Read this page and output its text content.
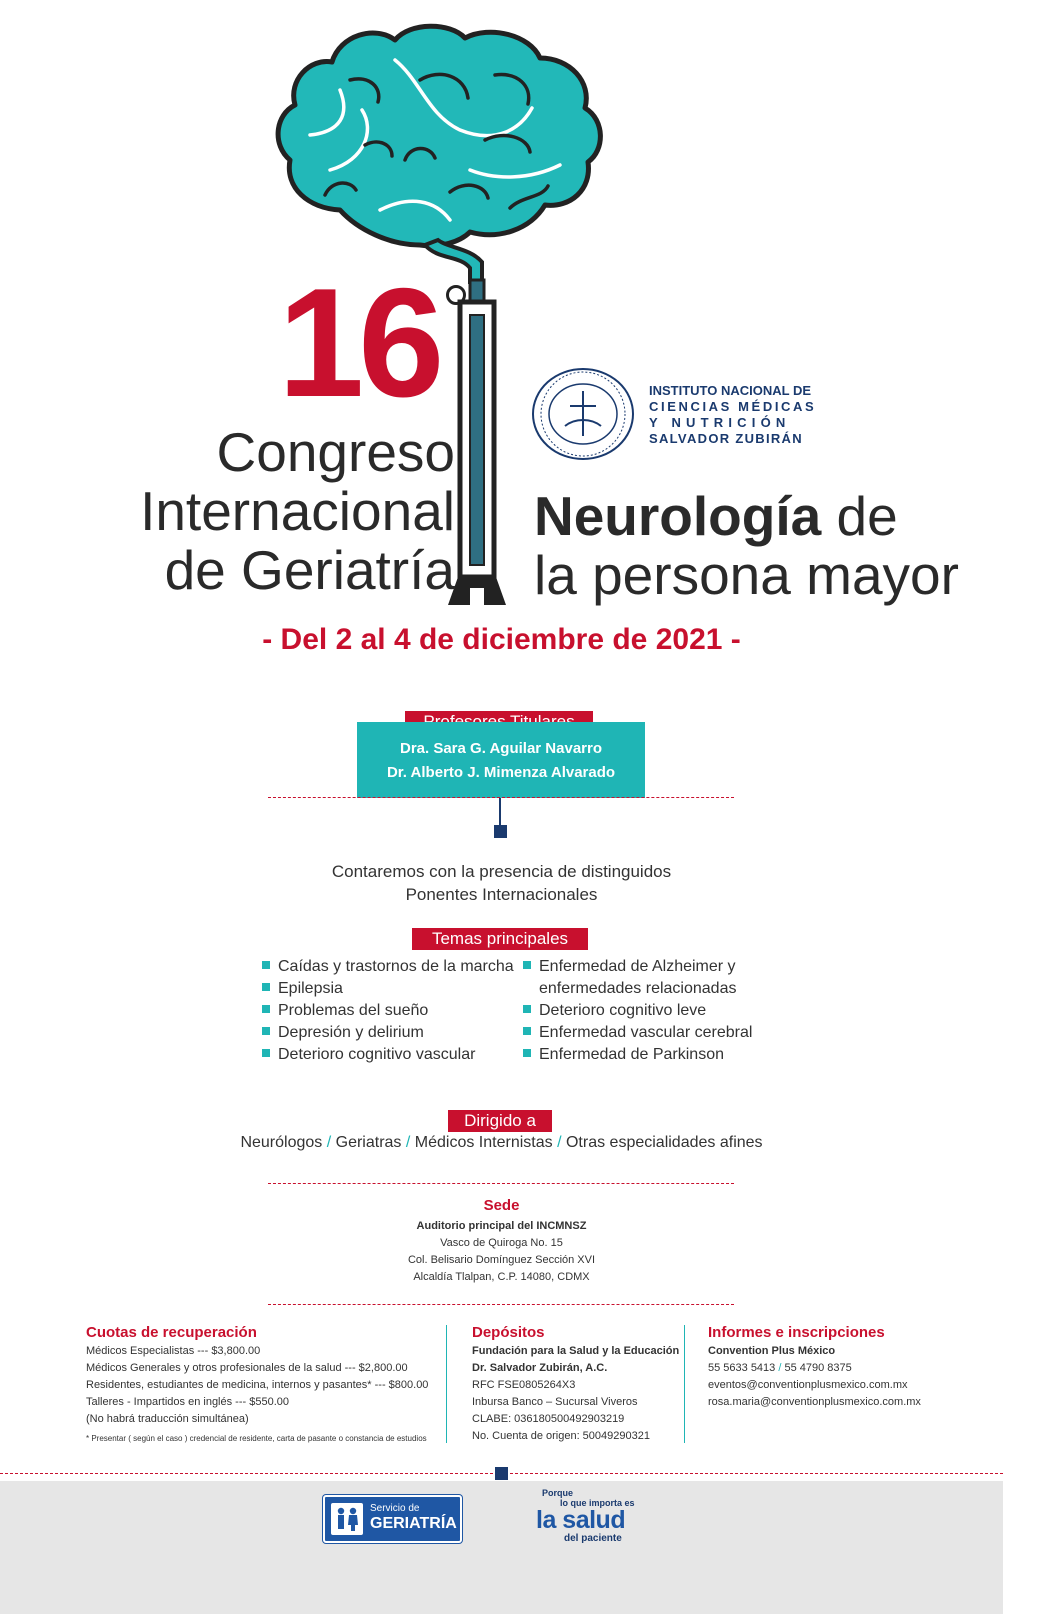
16
Congreso
Internacional
de Geriatría
Neurología de
la persona mayor
INSTITUTO NACIONAL DE
CIENCIAS MÉDICAS
Y NUTRICIÓN
SALVADOR ZUBIRÁN
- Del 2 al 4 de diciembre de 2021 -
Dra. Sara G. Aguilar Navarro
Dr. Alberto J. Mimenza Alvarado
Contaremos con la presencia de distinguidos
Ponentes Internacionales
Temas principales
Caídas y trastornos de la marcha
Epilepsia
Problemas del sueño
Depresión y delirium
Deterioro cognitivo vascular
Enfermedad de Alzheimer y
enfermedades relacionadas
Deterioro cognitivo leve
Enfermedad vascular cerebral
Enfermedad de Parkinson
Dirigido a
Neurólogos / Geriatras / Médicos Internistas / Otras especialidades afines
Sede
Auditorio principal del INCMNSZ
Vasco de Quiroga No. 15
Col. Belisario Domínguez Sección XVI
Alcaldía Tlalpan, C.P. 14080, CDMX
Cuotas de recuperación
Médicos Especialistas --- $3,800.00
Médicos Generales y otros profesionales de la salud --- $2,800.00
Residentes, estudiantes de medicina, internos y pasantes* --- $800.00
Talleres - Impartidos en inglés --- $550.00
(No habrá traducción simultánea)
* Presentar ( según el caso ) credencial de residente, carta de pasante o constancia de estudios
Depósitos
Fundación para la Salud y la Educación
Dr. Salvador Zubirán, A.C.
RFC FSE0805264X3
Inbursa Banco – Sucursal Viveros
CLABE: 036180500492903219
No. Cuenta de origen: 50049290321
Informes e inscripciones
Convention Plus México
55 5633 5413 / 55 4790 8375
eventos@conventionplusmexico.com.mx
rosa.maria@conventionplusmexico.com.mx
Servicio de
GERIATRÍA
Porque
lo que importa es
la salud
del paciente
